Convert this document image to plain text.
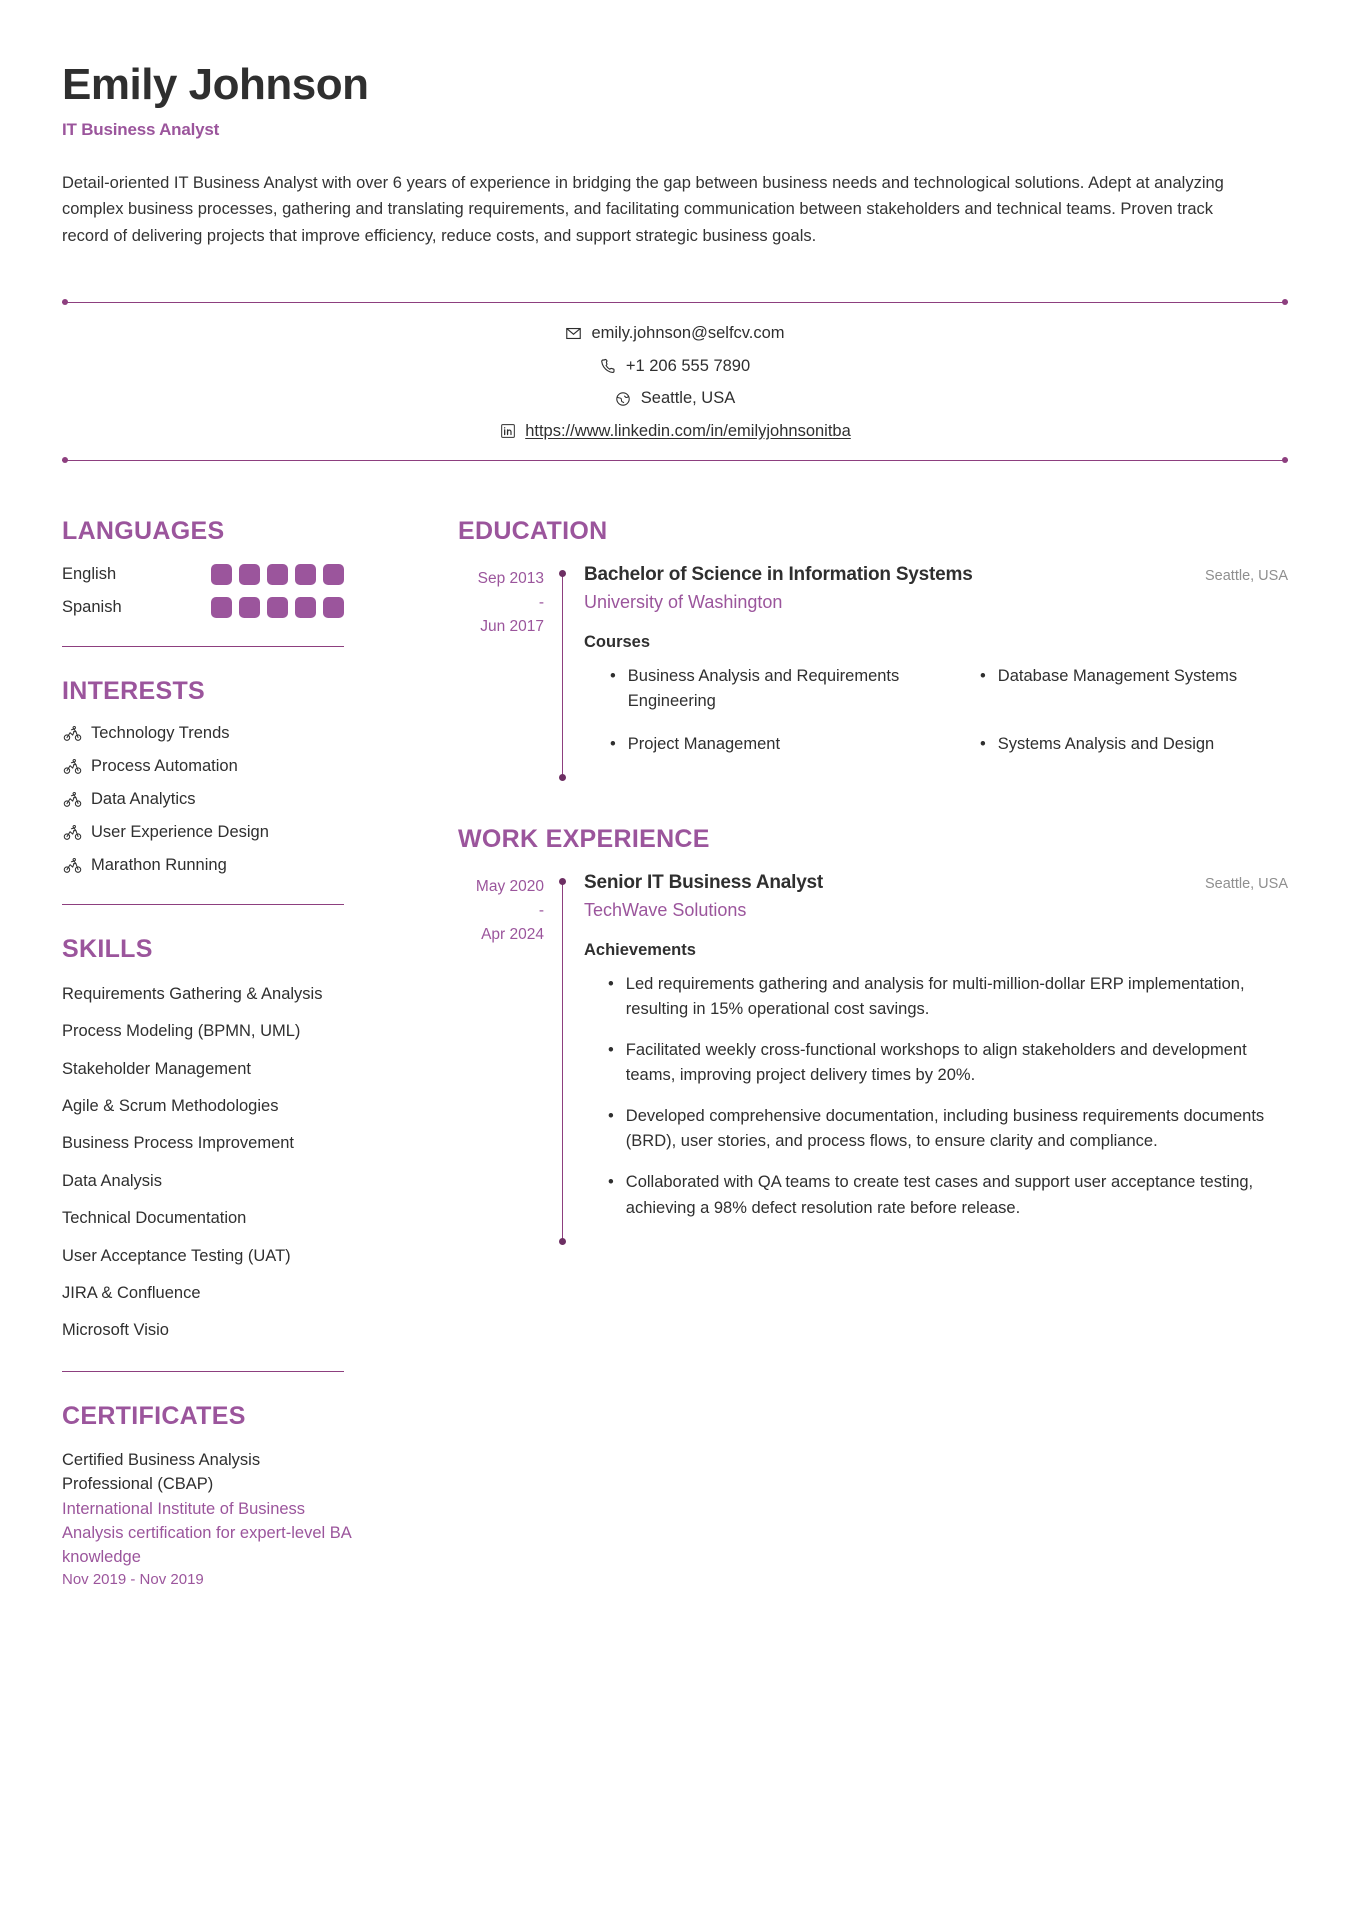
Emily Johnson
IT Business Analyst
Detail-oriented IT Business Analyst with over 6 years of experience in bridging the gap between business needs and technological solutions. Adept at analyzing complex business processes, gathering and translating requirements, and facilitating communication between stakeholders and technical teams. Proven track record of delivering projects that improve efficiency, reduce costs, and support strategic business goals.
emily.johnson@selfcv.com
+1 206 555 7890
Seattle, USA
https://www.linkedin.com/in/emilyjohnsonitba
LANGUAGES
English
Spanish
INTERESTS
Technology Trends
Process Automation
Data Analytics
User Experience Design
Marathon Running
SKILLS
Requirements Gathering & Analysis
Process Modeling (BPMN, UML)
Stakeholder Management
Agile & Scrum Methodologies
Business Process Improvement
Data Analysis
Technical Documentation
User Acceptance Testing (UAT)
JIRA & Confluence
Microsoft Visio
CERTIFICATES
Certified Business Analysis Professional (CBAP)
International Institute of Business Analysis certification for expert-level BA knowledge
Nov 2019 - Nov 2019
EDUCATION
Sep 2013
-
Jun 2017
Bachelor of Science in Information Systems	Seattle, USA
University of Washington
Courses
• Business Analysis and Requirements Engineering
• Database Management Systems
• Project Management	• Systems Analysis and Design
WORK EXPERIENCE
May 2020
-
Apr 2024
Senior IT Business Analyst	Seattle, USA
TechWave Solutions
Achievements
• Led requirements gathering and analysis for multi-million-dollar ERP implementation, resulting in 15% operational cost savings.
• Facilitated weekly cross-functional workshops to align stakeholders and development teams, improving project delivery times by 20%.
• Developed comprehensive documentation, including business requirements documents (BRD), user stories, and process flows, to ensure clarity and compliance.
• Collaborated with QA teams to create test cases and support user acceptance testing, achieving a 98% defect resolution rate before release.
